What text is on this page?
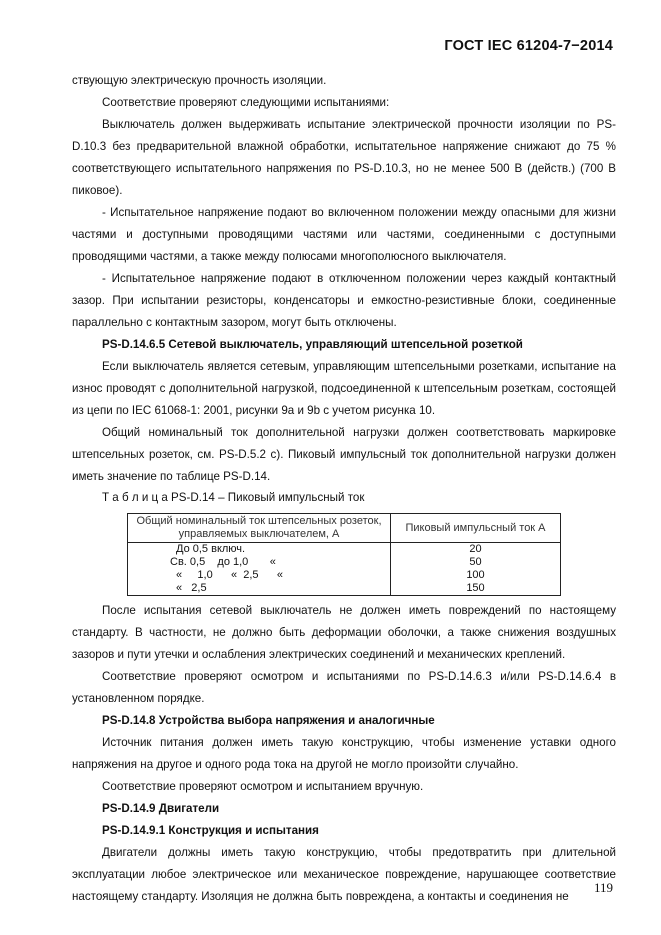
ГОСТ IEC 61204-7−2014

ствующую электрическую прочность изоляции.

Соответствие проверяют следующими испытаниями:

Выключатель должен выдерживать испытание электрической прочности изоляции по PS-D.10.3 без предварительной влажной обработки, испытательное напряжение снижают до 75 % соответствующего испытательного напряжения по PS-D.10.3, но не менее 500 В (действ.) (700 В пиковое).

- Испытательное напряжение подают во включенном положении между опасными для жизни частями и доступными проводящими частями или частями, соединенными с доступными проводящими частями, а также между полюсами многополюсного выключателя.

- Испытательное напряжение подают в отключенном положении через каждый контактный зазор. При испытании резисторы, конденсаторы и емкостно-резистивные блоки, соединенные параллельно с контактным зазором, могут быть отключены.

PS-D.14.6.5 Сетевой выключатель, управляющий штепсельной розеткой

Если выключатель является сетевым, управляющим штепсельными розетками, испытание на износ проводят с дополнительной нагрузкой, подсоединенной к штепсельным розеткам, состоящей из цепи по IEC 61068-1: 2001, рисунки 9а и 9b с учетом рисунка 10.

Общий номинальный ток дополнительной нагрузки должен соответствовать маркировке штепсельных розеток, см. PS-D.5.2 c). Пиковый импульсный ток дополнительной нагрузки должен иметь значение по таблице PS-D.14.

Т а б л и ц а PS-D.14 – Пиковый импульсный ток

Общий номинальный ток штепсельных розеток, управляемых выключателем, А	Пиковый импульсный ток А
До 0,5 включ.	20
Св. 0,5    до 1,0       «	50
«     1,0      «  2,5      «	100
«   2,5	150

После испытания сетевой выключатель не должен иметь повреждений по настоящему стандарту. В частности, не должно быть деформации оболочки, а также снижения воздушных зазоров и пути утечки и ослабления электрических соединений и механических креплений.

Соответствие проверяют осмотром и испытаниями по PS-D.14.6.3 и/или PS-D.14.6.4 в установленном порядке.

PS-D.14.8 Устройства выбора напряжения и аналогичные

Источник питания должен иметь такую конструкцию, чтобы изменение уставки одного напряжения на другое и одного рода тока на другой не могло произойти случайно.

Соответствие проверяют осмотром и испытанием вручную.

PS-D.14.9 Двигатели

PS-D.14.9.1 Конструкция и испытания

Двигатели должны иметь такую конструкцию, чтобы предотвратить при длительной эксплуатации любое электрическое или механическое повреждение, нарушающее соответствие настоящему стандарту. Изоляция не должна быть повреждена, а контакты и соединения не

119
